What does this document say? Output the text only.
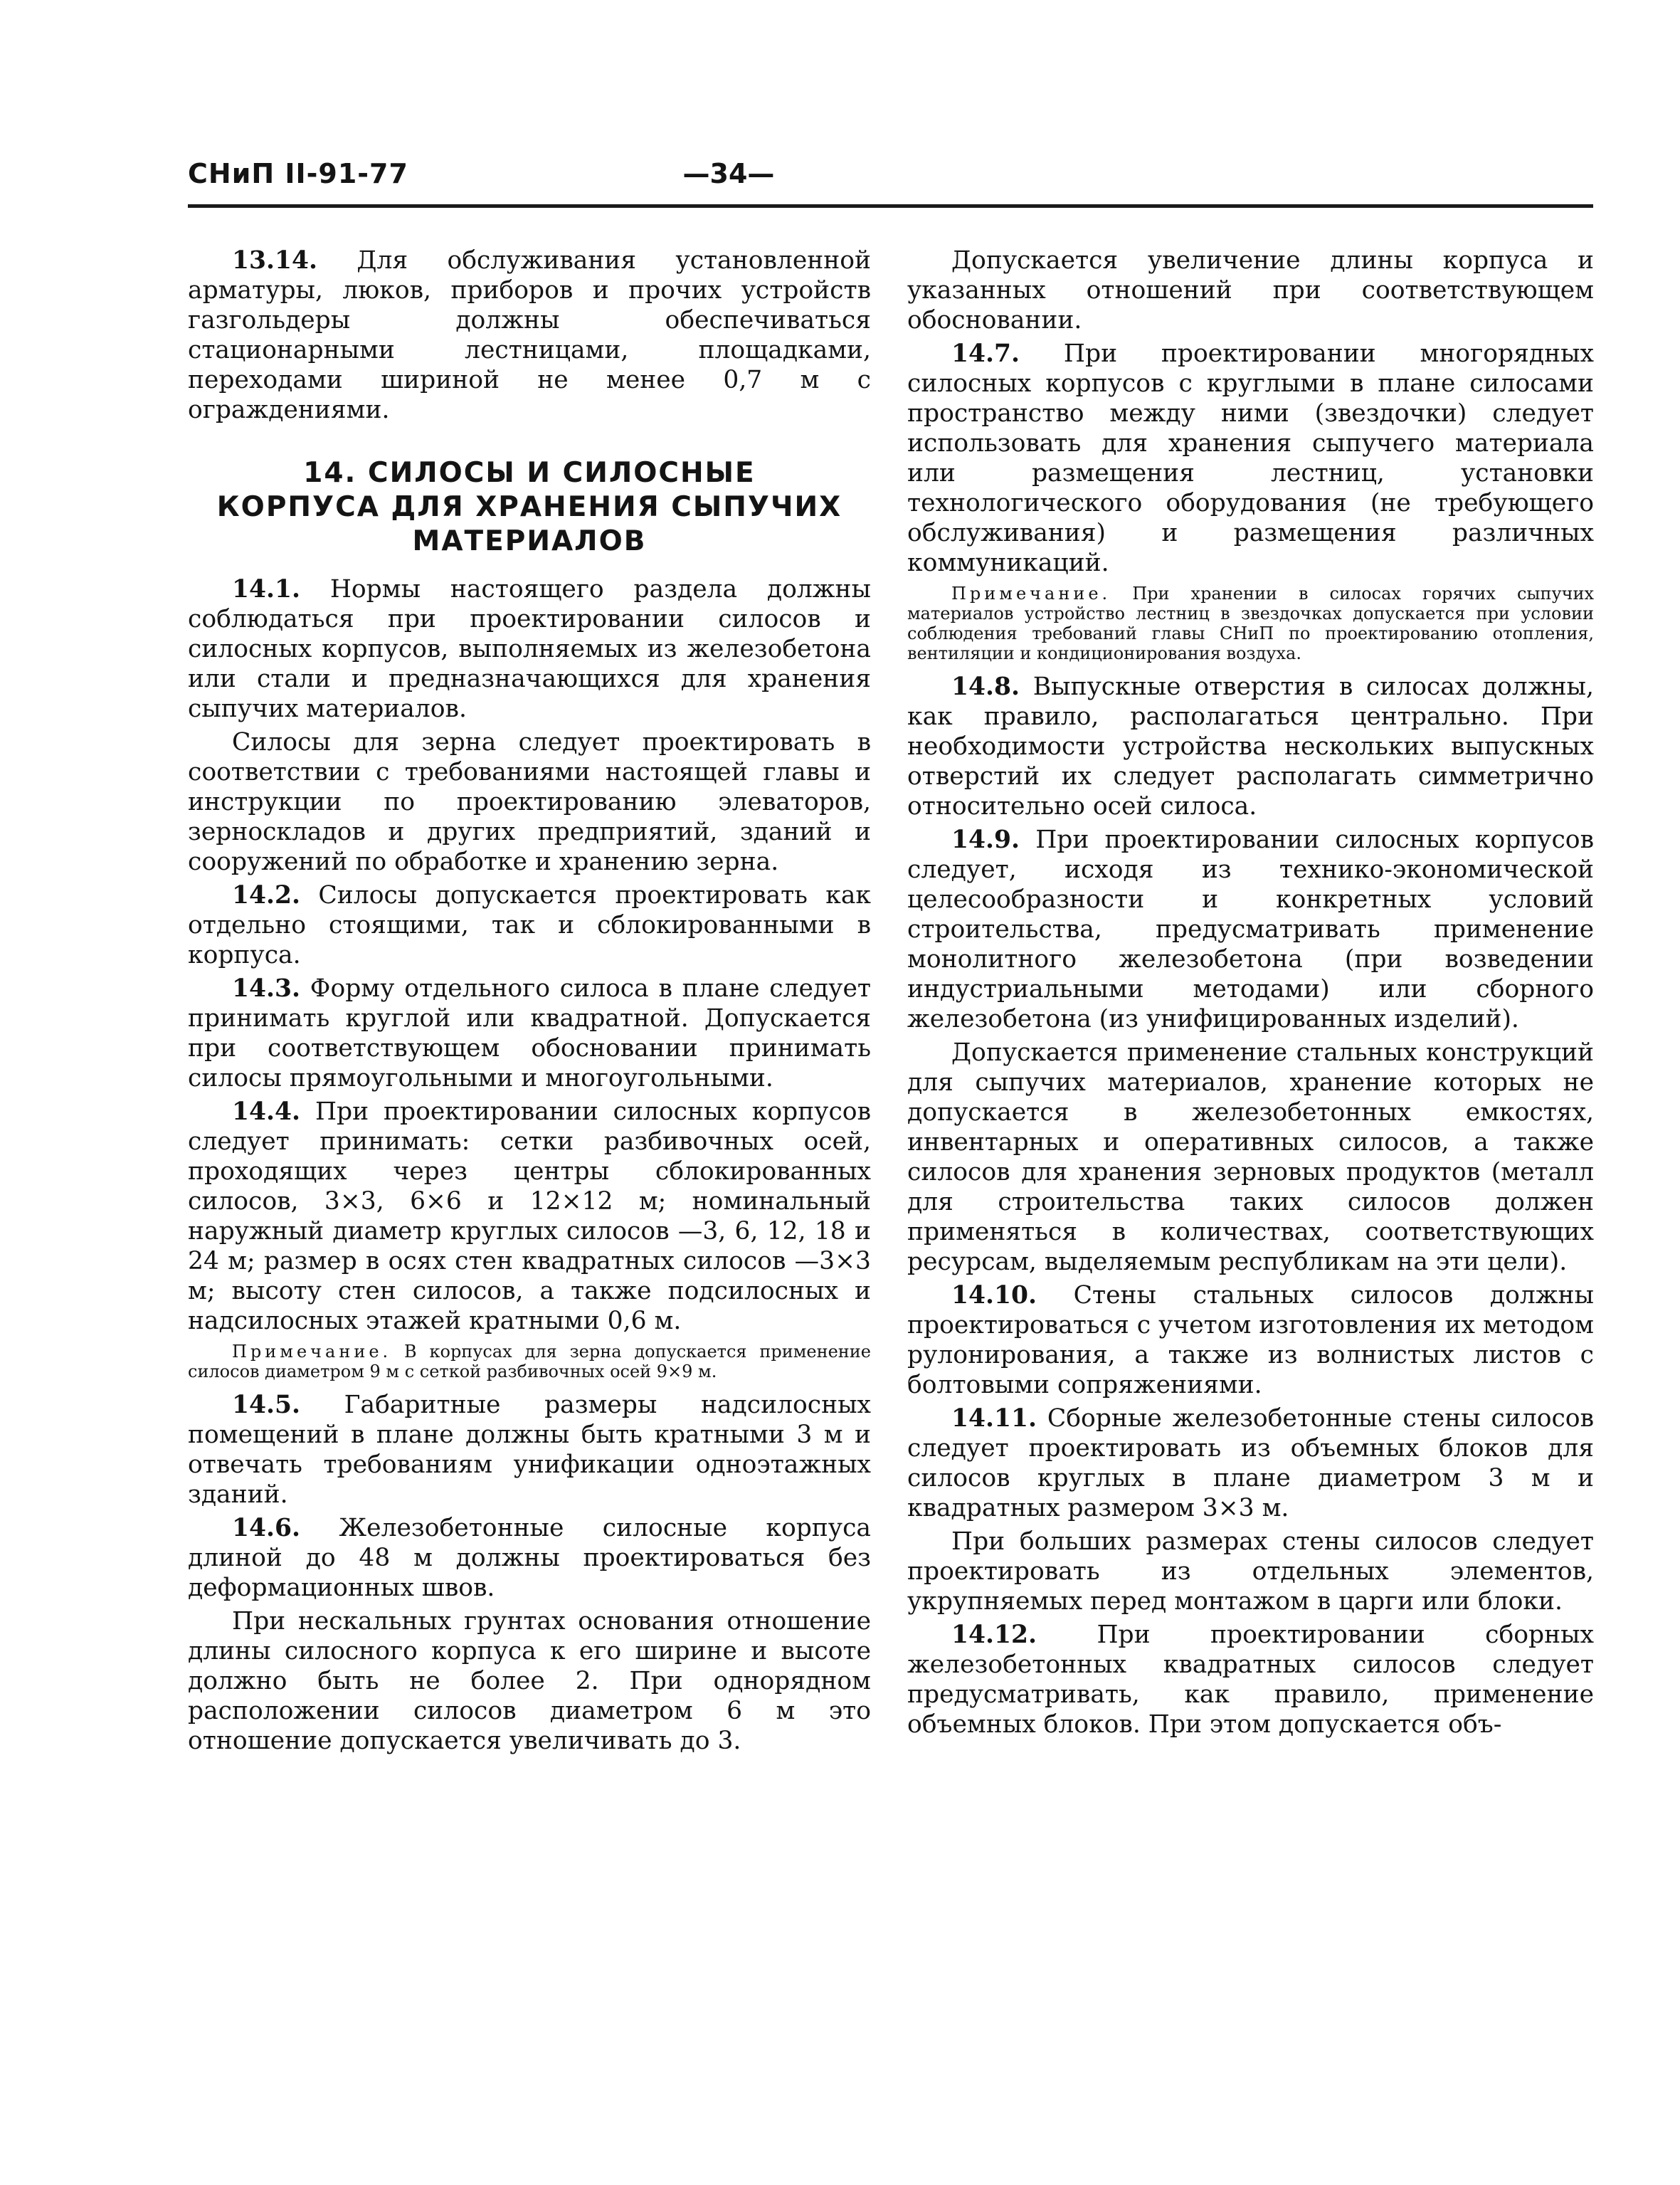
СНиП II-91-77	—34—

13.14. Для обслуживания установленной арматуры, люков, приборов и прочих устройств газгольдеры должны обеспечиваться стационарными лестницами, площадками, переходами шириной не менее 0,7 м с ограждениями.

14. СИЛОСЫ И СИЛОСНЫЕ
КОРПУСА ДЛЯ ХРАНЕНИЯ СЫПУЧИХ
МАТЕРИАЛОВ

14.1. Нормы настоящего раздела должны соблюдаться при проектировании силосов и силосных корпусов, выполняемых из железобетона или стали и предназначающихся для хранения сыпучих материалов.

Силосы для зерна следует проектировать в соответствии с требованиями настоящей главы и инструкции по проектированию элеваторов, зерноскладов и других предприятий, зданий и сооружений по обработке и хранению зерна.

14.2. Силосы допускается проектировать как отдельно стоящими, так и сблокированными в корпуса.

14.3. Форму отдельного силоса в плане следует принимать круглой или квадратной. Допускается при соответствующем обосновании принимать силосы прямоугольными и многоугольными.

14.4. При проектировании силосных корпусов следует принимать: сетки разбивочных осей, проходящих через центры сблокированных силосов, 3×3, 6×6 и 12×12 м; номинальный наружный диаметр круглых силосов —3, 6, 12, 18 и 24 м; размер в осях стен квадратных силосов —3×3 м; высоту стен силосов, а также подсилосных и надсилосных этажей кратными 0,6 м.

Примечание. В корпусах для зерна допускается применение силосов диаметром 9 м с сеткой разбивочных осей 9×9 м.

14.5. Габаритные размеры надсилосных помещений в плане должны быть кратными 3 м и отвечать требованиям унификации одноэтажных зданий.

14.6. Железобетонные силосные корпуса длиной до 48 м должны проектироваться без деформационных швов.

При нескальных грунтах основания отношение длины силосного корпуса к его ширине и высоте должно быть не более 2. При однорядном расположении силосов диаметром 6 м это отношение допускается увеличивать до 3.

Допускается увеличение длины корпуса и указанных отношений при соответствующем обосновании.

14.7. При проектировании многорядных силосных корпусов с круглыми в плане силосами пространство между ними (звездочки) следует использовать для хранения сыпучего материала или размещения лестниц, установки технологического оборудования (не требующего обслуживания) и размещения различных коммуникаций.

Примечание. При хранении в силосах горячих сыпучих материалов устройство лестниц в звездочках допускается при условии соблюдения требований главы СНиП по проектированию отопления, вентиляции и кондиционирования воздуха.

14.8. Выпускные отверстия в силосах должны, как правило, располагаться центрально. При необходимости устройства нескольких выпускных отверстий их следует располагать симметрично относительно осей силоса.

14.9. При проектировании силосных корпусов следует, исходя из технико-экономической целесообразности и конкретных условий строительства, предусматривать применение монолитного железобетона (при возведении индустриальными методами) или сборного железобетона (из унифицированных изделий).

Допускается применение стальных конструкций для сыпучих материалов, хранение которых не допускается в железобетонных емкостях, инвентарных и оперативных силосов, а также силосов для хранения зерновых продуктов (металл для строительства таких силосов должен применяться в количествах, соответствующих ресурсам, выделяемым республикам на эти цели).

14.10. Стены стальных силосов должны проектироваться с учетом изготовления их методом рулонирования, а также из волнистых листов с болтовыми сопряжениями.

14.11. Сборные железобетонные стены силосов следует проектировать из объемных блоков для силосов круглых в плане диаметром 3 м и квадратных размером 3×3 м.

При больших размерах стены силосов следует проектировать из отдельных элементов, укрупняемых перед монтажом в царги или блоки.

14.12. При проектировании сборных железобетонных квадратных силосов следует предусматривать, как правило, применение объемных блоков. При этом допускается объ-
